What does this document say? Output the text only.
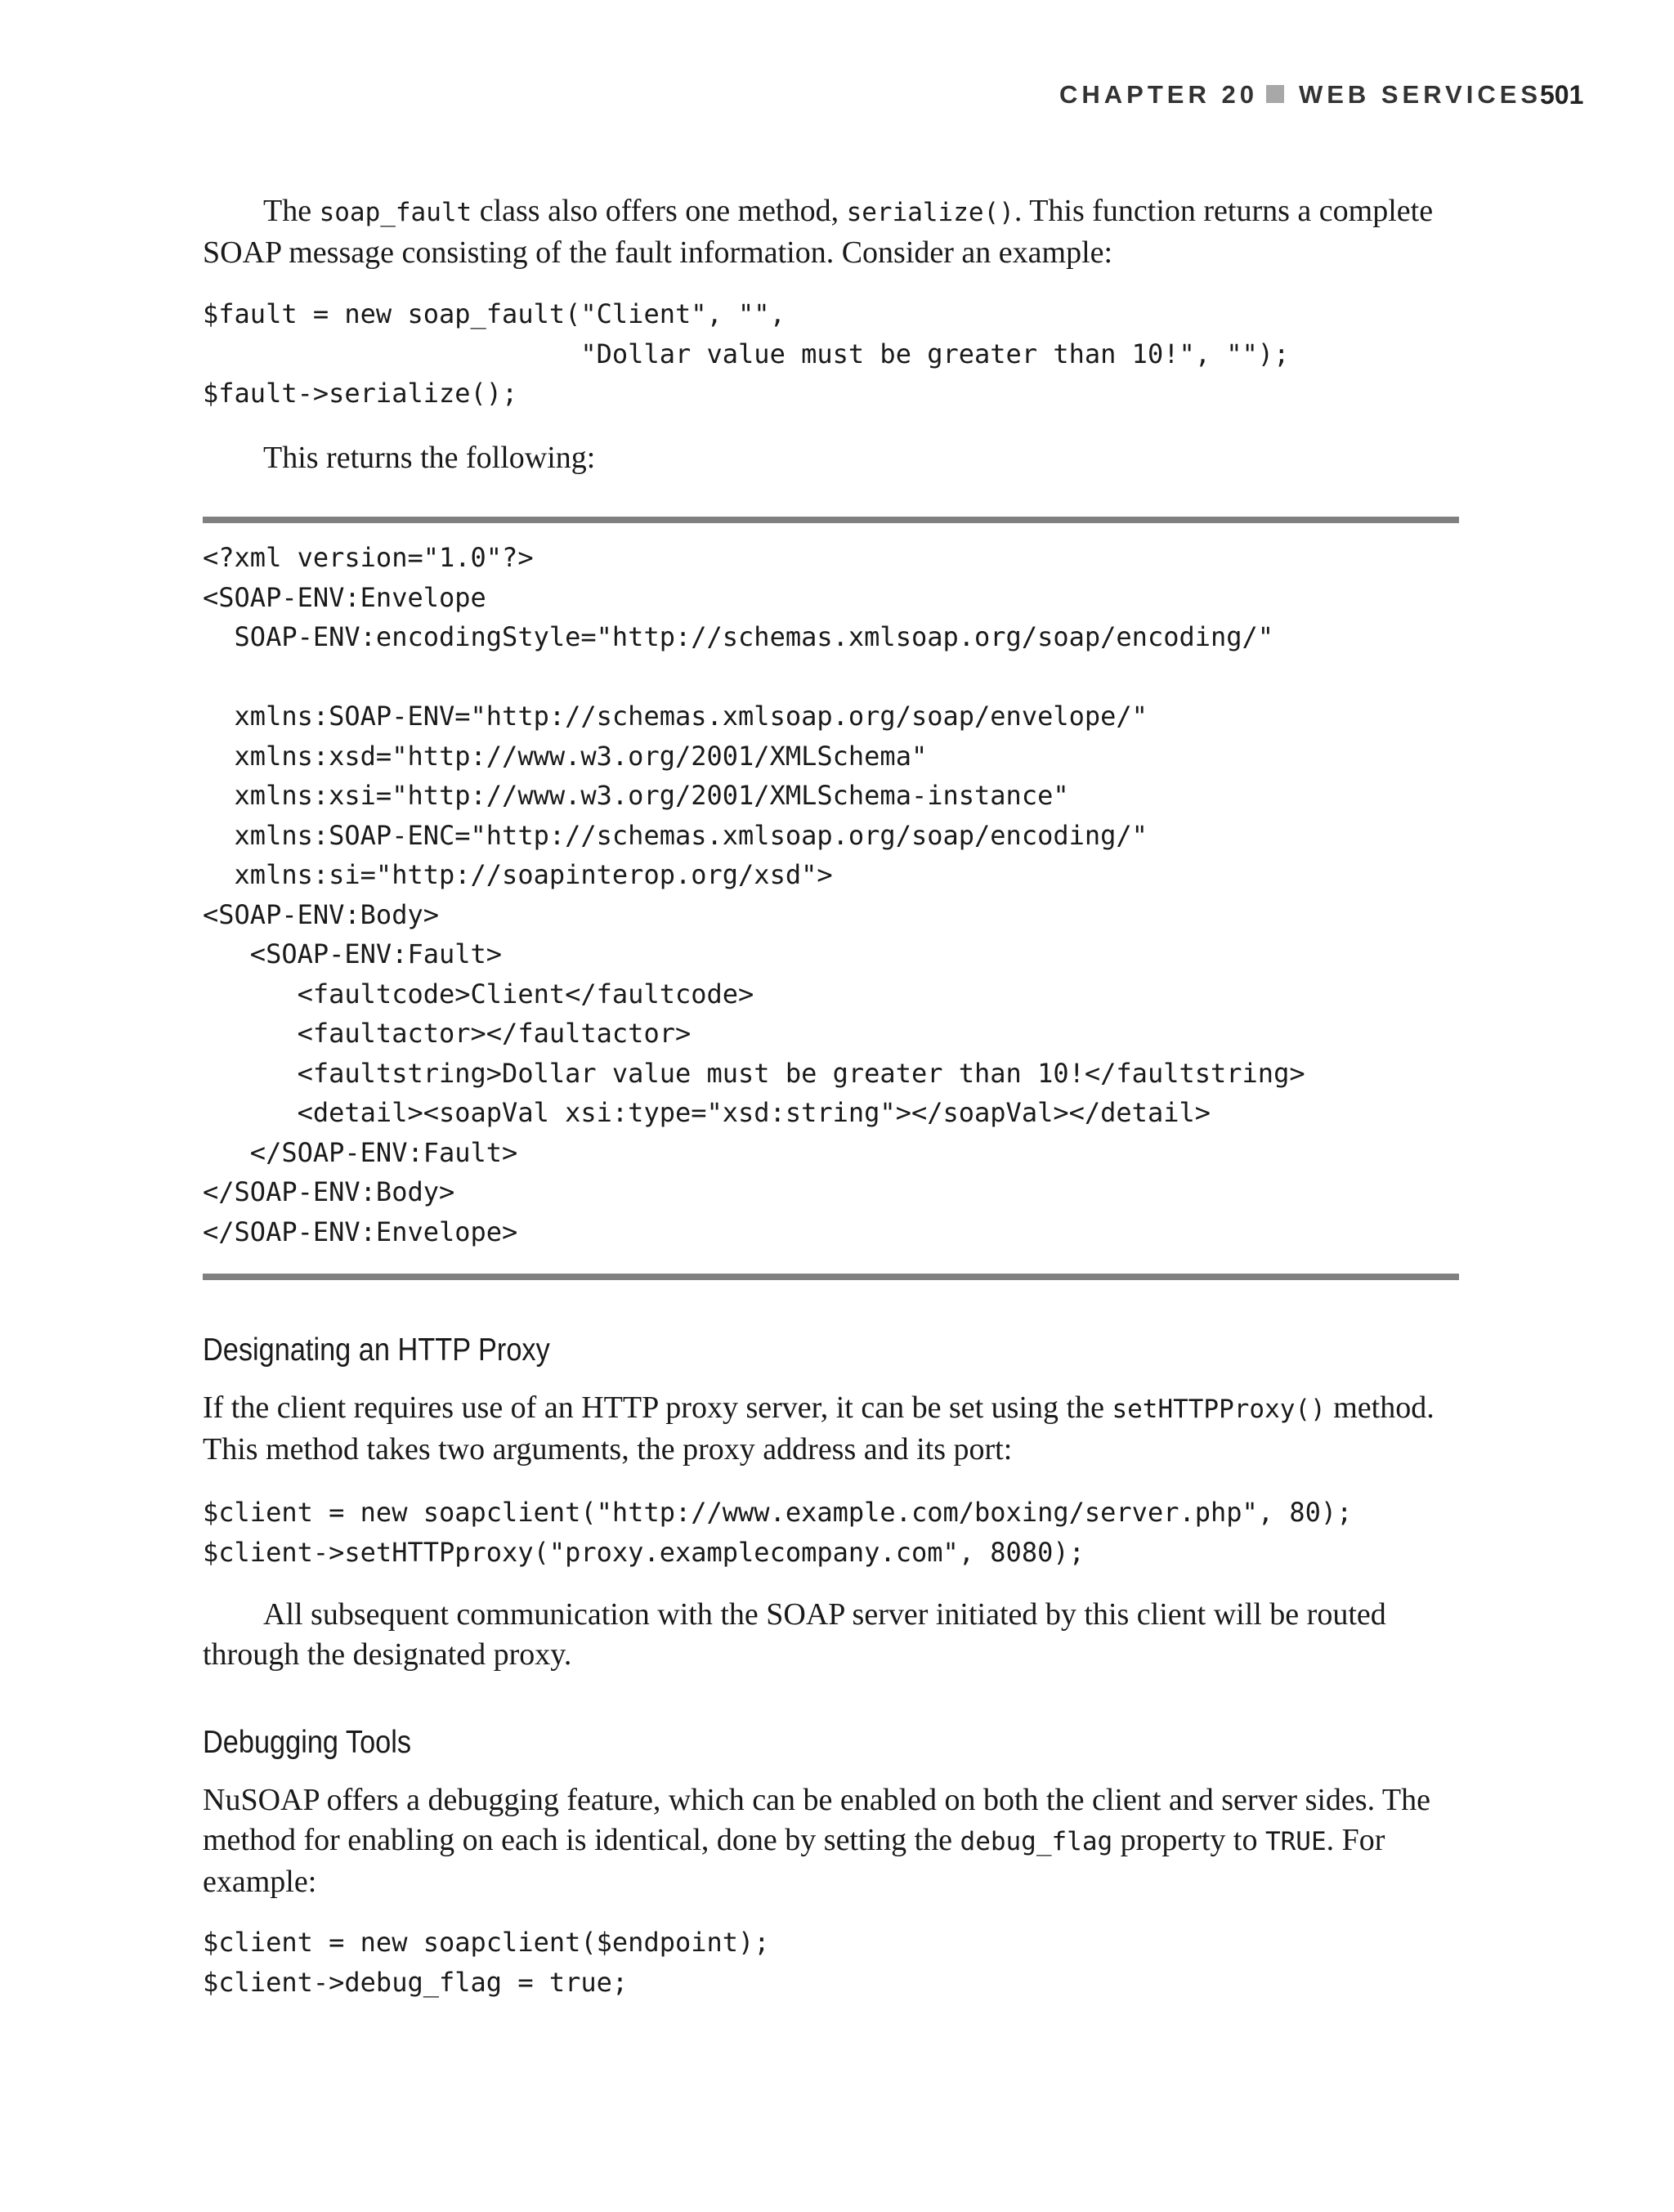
CHAPTER 20 WEB SERVICES
501
The soap_fault class also offers one method, serialize(). This function returns a complete SOAP message consisting of the fault information. Consider an example:
$fault = new soap_fault("Client", "",
"Dollar value must be greater than 10!", "");
$fault->serialize();
This returns the following:
<?xml version="1.0"?>
<SOAP-ENV:Envelope
SOAP-ENV:encodingStyle="http://schemas.xmlsoap.org/soap/encoding/"

xmlns:SOAP-ENV="http://schemas.xmlsoap.org/soap/envelope/"
xmlns:xsd="http://www.w3.org/2001/XMLSchema"
xmlns:xsi="http://www.w3.org/2001/XMLSchema-instance"
xmlns:SOAP-ENC="http://schemas.xmlsoap.org/soap/encoding/"
xmlns:si="http://soapinterop.org/xsd">
<SOAP-ENV:Body>
<SOAP-ENV:Fault>
<faultcode>Client</faultcode>
<faultactor></faultactor>
<faultstring>Dollar value must be greater than 10!</faultstring>
<detail><soapVal xsi:type="xsd:string"></soapVal></detail>
</SOAP-ENV:Fault>
</SOAP-ENV:Body>
</SOAP-ENV:Envelope>
Designating an HTTP Proxy
If the client requires use of an HTTP proxy server, it can be set using the setHTTPProxy() method. This method takes two arguments, the proxy address and its port:
$client = new soapclient("http://www.example.com/boxing/server.php", 80);
$client->setHTTPproxy("proxy.examplecompany.com", 8080);
All subsequent communication with the SOAP server initiated by this client will be routed through the designated proxy.
Debugging Tools
NuSOAP offers a debugging feature, which can be enabled on both the client and server sides. The method for enabling on each is identical, done by setting the debug_flag property to TRUE. For example:
$client = new soapclient($endpoint);
$client->debug_flag = true;
